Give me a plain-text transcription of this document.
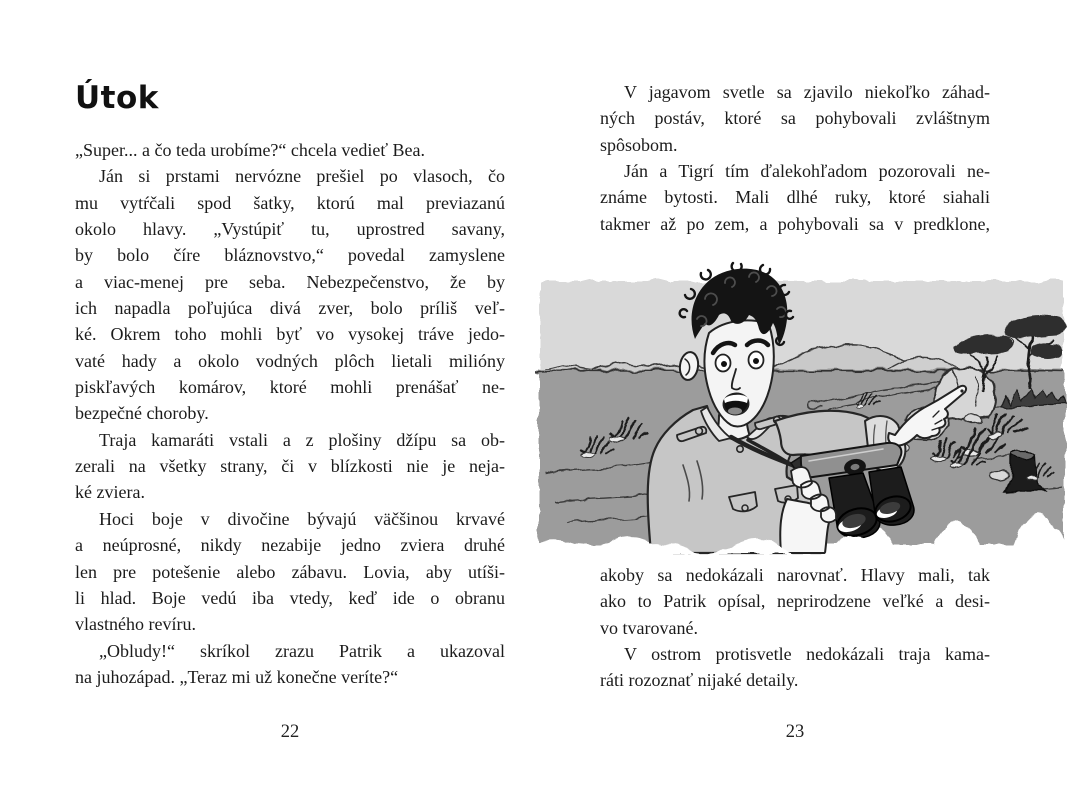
Útok
„Super... a čo teda urobíme?“ chcela vedieť Bea.
Ján si prstami nervózne prešiel po vlasoch, čo
mu vytŕčali spod šatky, ktorú mal previazanú
okolo hlavy. „Vystúpiť tu, uprostred savany,
by bolo číre bláznovstvo,“ povedal zamyslene
a viac-menej pre seba. Nebezpečenstvo, že by
ich napadla poľujúca divá zver, bolo príliš veľ-
ké. Okrem toho mohli byť vo vysokej tráve jedo-
vaté hady a okolo vodných plôch lietali milióny
piskľavých komárov, ktoré mohli prenášať ne-
bezpečné choroby.
Traja kamaráti vstali a z plošiny džípu sa ob-
zerali na všetky strany, či v blízkosti nie je neja-
ké zviera.
Hoci boje v divočine bývajú väčšinou krvavé
a neúprosné, nikdy nezabije jedno zviera druhé
len pre potešenie alebo zábavu. Lovia, aby utíši-
li hlad. Boje vedú iba vtedy, keď ide o obranu
vlastného revíru.
„Obludy!“ skríkol zrazu Patrik a ukazoval
na juhozápad. „Teraz mi už konečne veríte?“
22
V jagavom svetle sa zjavilo niekoľko záhad-
ných postáv, ktoré sa pohybovali zvláštnym
spôsobom.
Ján a Tigrí tím ďalekohľadom pozorovali ne-
známe bytosti. Mali dlhé ruky, ktoré siahali
takmer až po zem, a pohybovali sa v predklone,
akoby sa nedokázali narovnať. Hlavy mali, tak
ako to Patrik opísal, neprirodzene veľké a desi-
vo tvarované.
V ostrom protisvetle nedokázali traja kama-
ráti rozoznať nijaké detaily.
23
